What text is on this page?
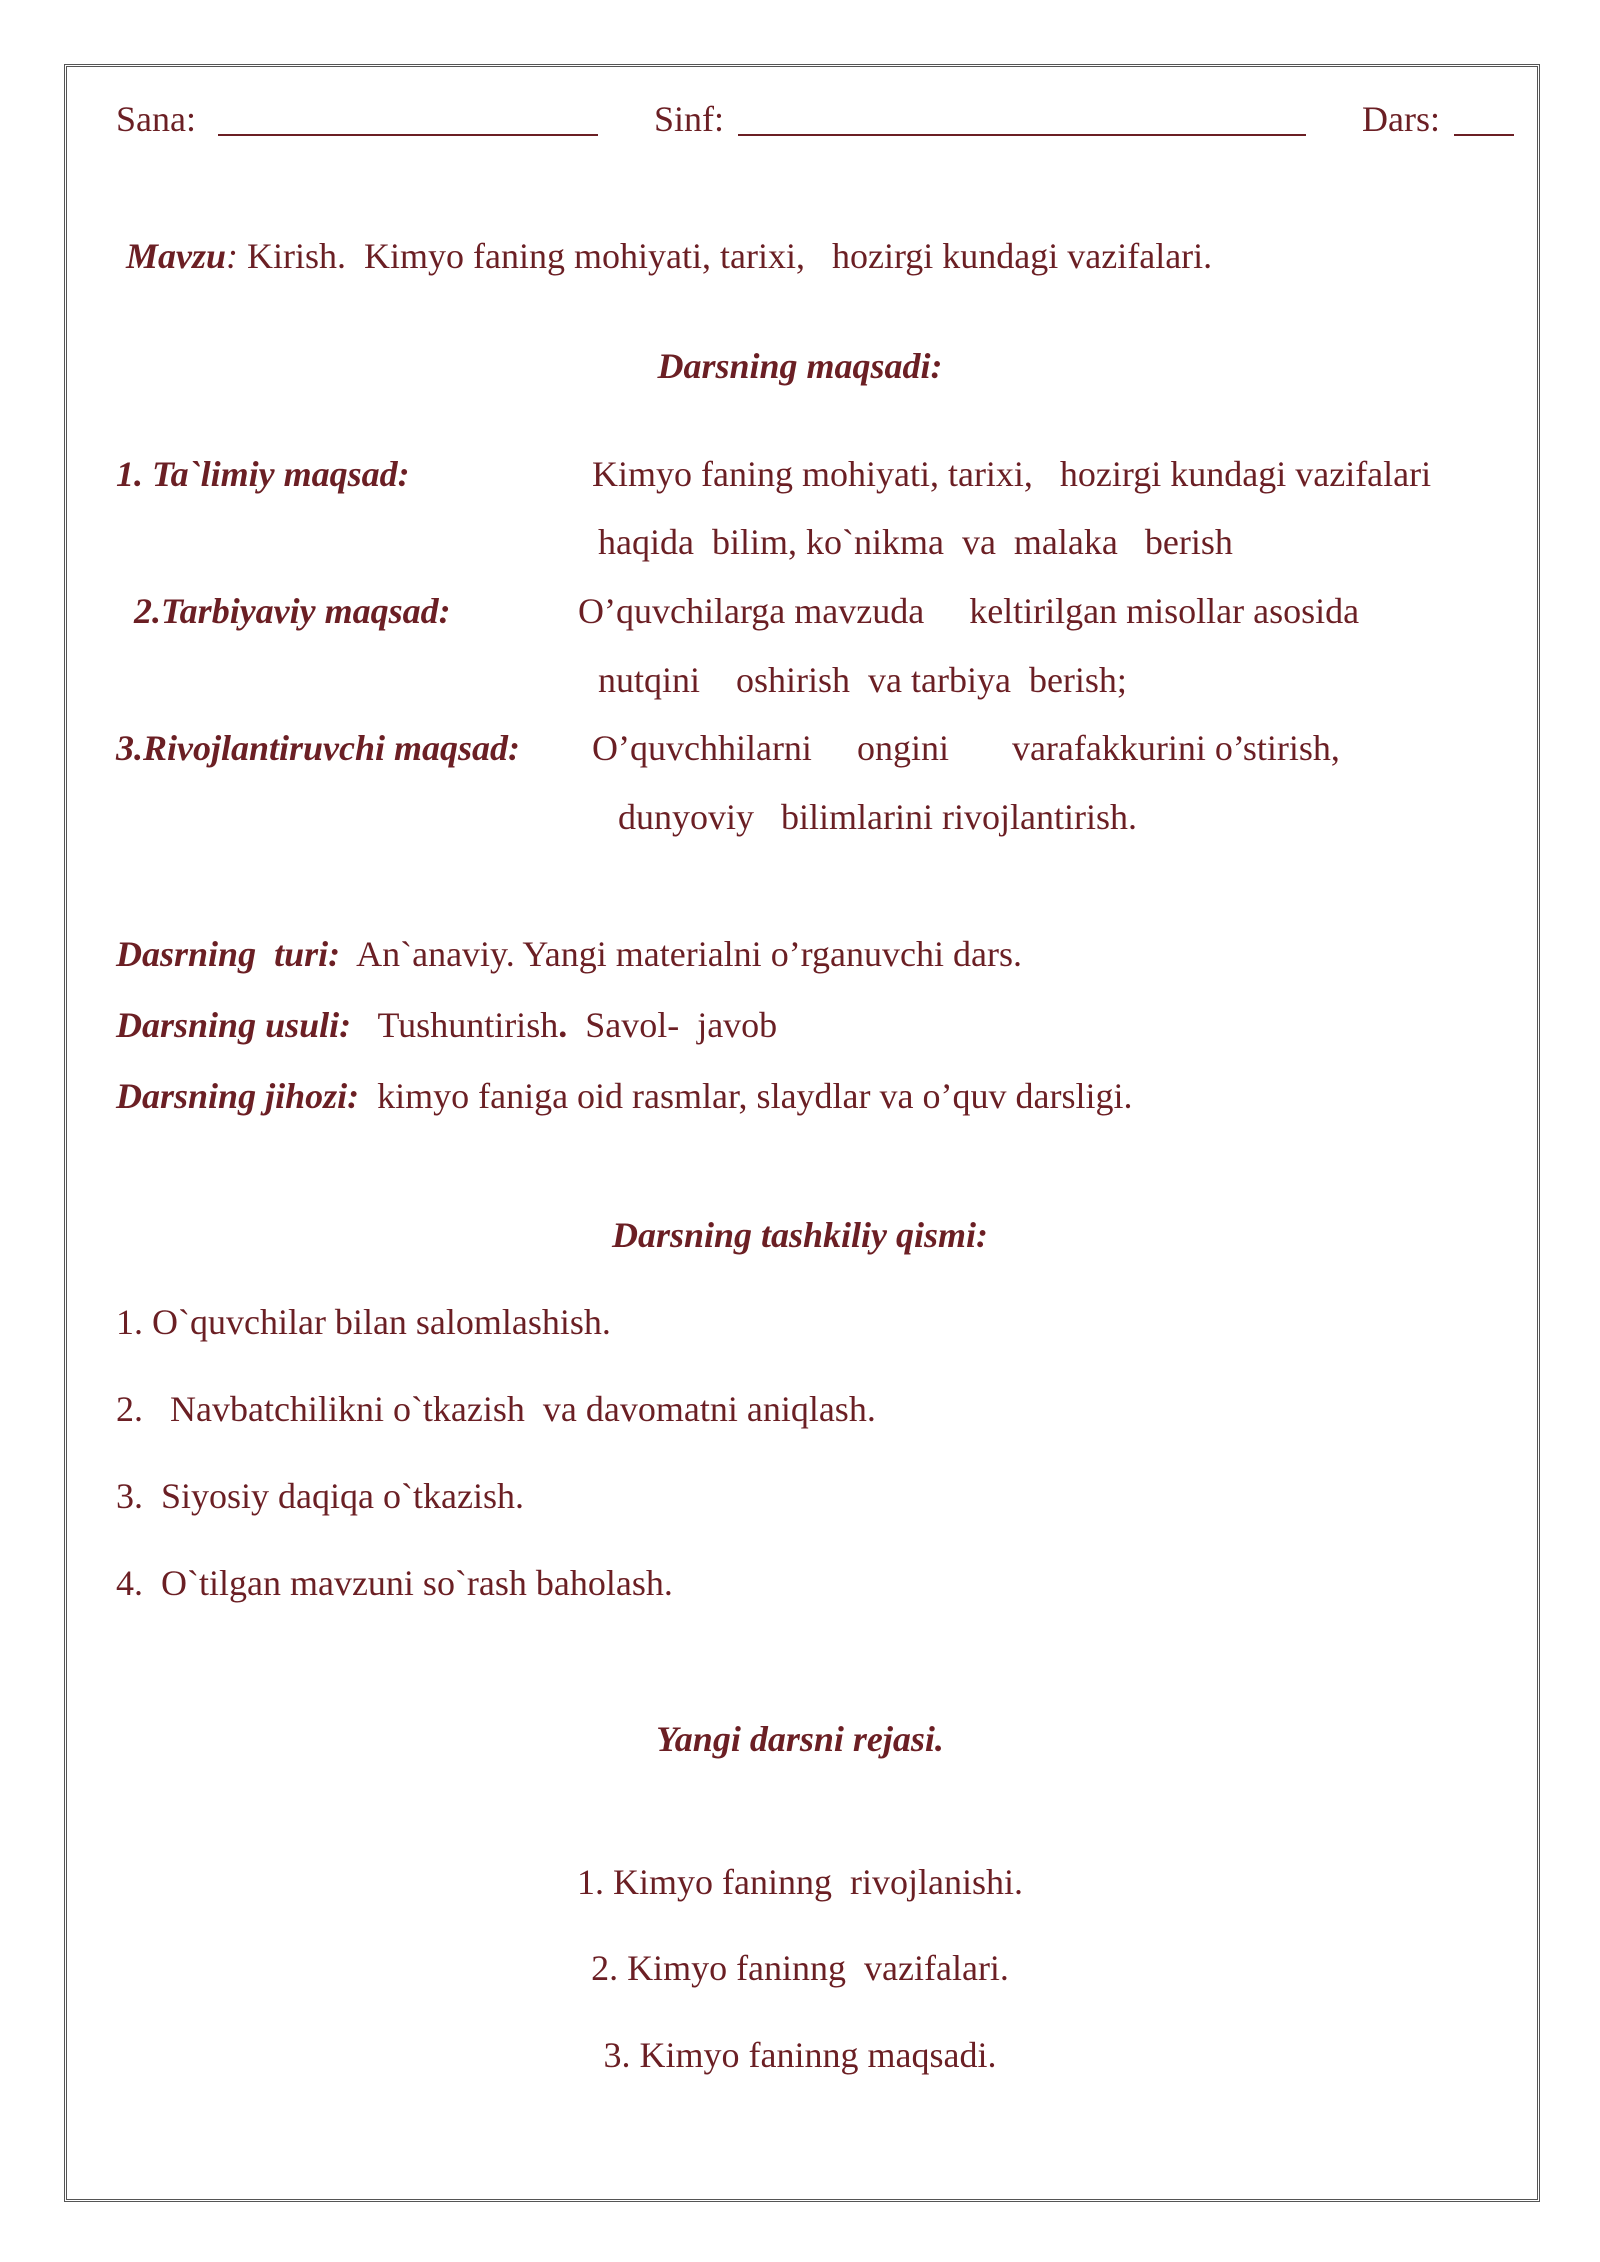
Sana:	Sinf:	Dars:
Mavzu: Kirish.  Kimyo faning mohiyati, tarixi,   hozirgi kundagi vazifalari.
Darsning maqsadi:
1. Ta`limiy maqsad:	Kimyo faning mohiyati, tarixi,   hozirgi kundagi vazifalari
haqida  bilim, ko`nikma  va  malaka   berish
2.Tarbiyaviy maqsad:	O’quvchilarga mavzuda     keltirilgan misollar asosida
nutqini    oshirish  va tarbiya  berish;
3.Rivojlantiruvchi maqsad: O’quvchhilarni     ongini       varafakkurini o’stirish,
dunyoviy   bilimlarini rivojlantirish.
Dasrning  turi:  An`anaviy. Yangi materialni o’rganuvchi dars.
Darsning usuli:   Tushuntirish.  Savol-  javob
Darsning jihozi:  kimyo faniga oid rasmlar, slaydlar va o’quv darsligi.
Darsning tashkiliy qismi:
1. O`quvchilar bilan salomlashish.
2.   Navbatchilikni o`tkazish  va davomatni aniqlash.
3.  Siyosiy daqiqa o`tkazish.
4.  O`tilgan mavzuni so`rash baholash.
Yangi darsni rejasi.
1. Kimyo faninng  rivojlanishi.
2. Kimyo faninng  vazifalari.
3. Kimyo faninng maqsadi.
